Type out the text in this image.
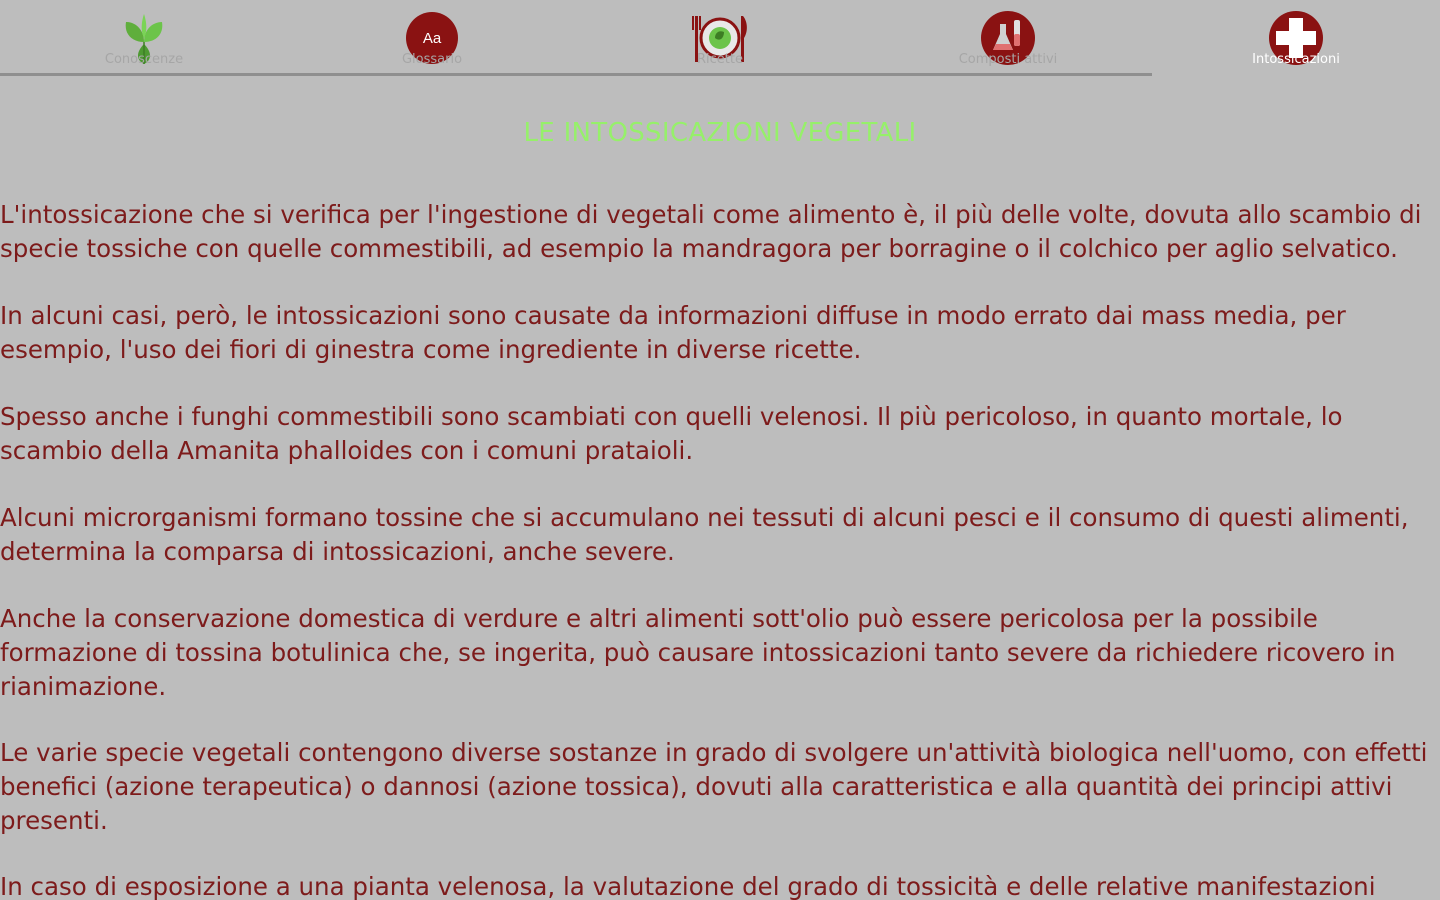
Conoscenze
Aa
Glossario	Ricette	Composti attivi	Intossicazioni
LE INTOSSICAZIONI VEGETALI
L'intossicazione che si verifica per l'ingestione di vegetali come alimento è, il più delle volte, dovuta allo scambio di
specie tossiche con quelle commestibili, ad esempio la mandragora per borragine o il colchico per aglio selvatico.
In alcuni casi, però, le intossicazioni sono causate da informazioni diffuse in modo errato dai mass media, per
esempio, l'uso dei fiori di ginestra come ingrediente in diverse ricette.
Spesso anche i funghi commestibili sono scambiati con quelli velenosi. Il più pericoloso, in quanto mortale, lo
scambio della Amanita phalloides con i comuni prataioli.
Alcuni microrganismi formano tossine che si accumulano nei tessuti di alcuni pesci e il consumo di questi alimenti,
determina la comparsa di intossicazioni, anche severe.
Anche la conservazione domestica di verdure e altri alimenti sott'olio può essere pericolosa per la possibile
formazione di tossina botulinica che, se ingerita, può causare intossicazioni tanto severe da richiedere ricovero in
rianimazione.
Le varie specie vegetali contengono diverse sostanze in grado di svolgere un'attività biologica nell'uomo, con effetti
benefici (azione terapeutica) o dannosi (azione tossica), dovuti alla caratteristica e alla quantità dei principi attivi
presenti.
In caso di esposizione a una pianta velenosa, la valutazione del grado di tossicità e delle relative manifestazioni
